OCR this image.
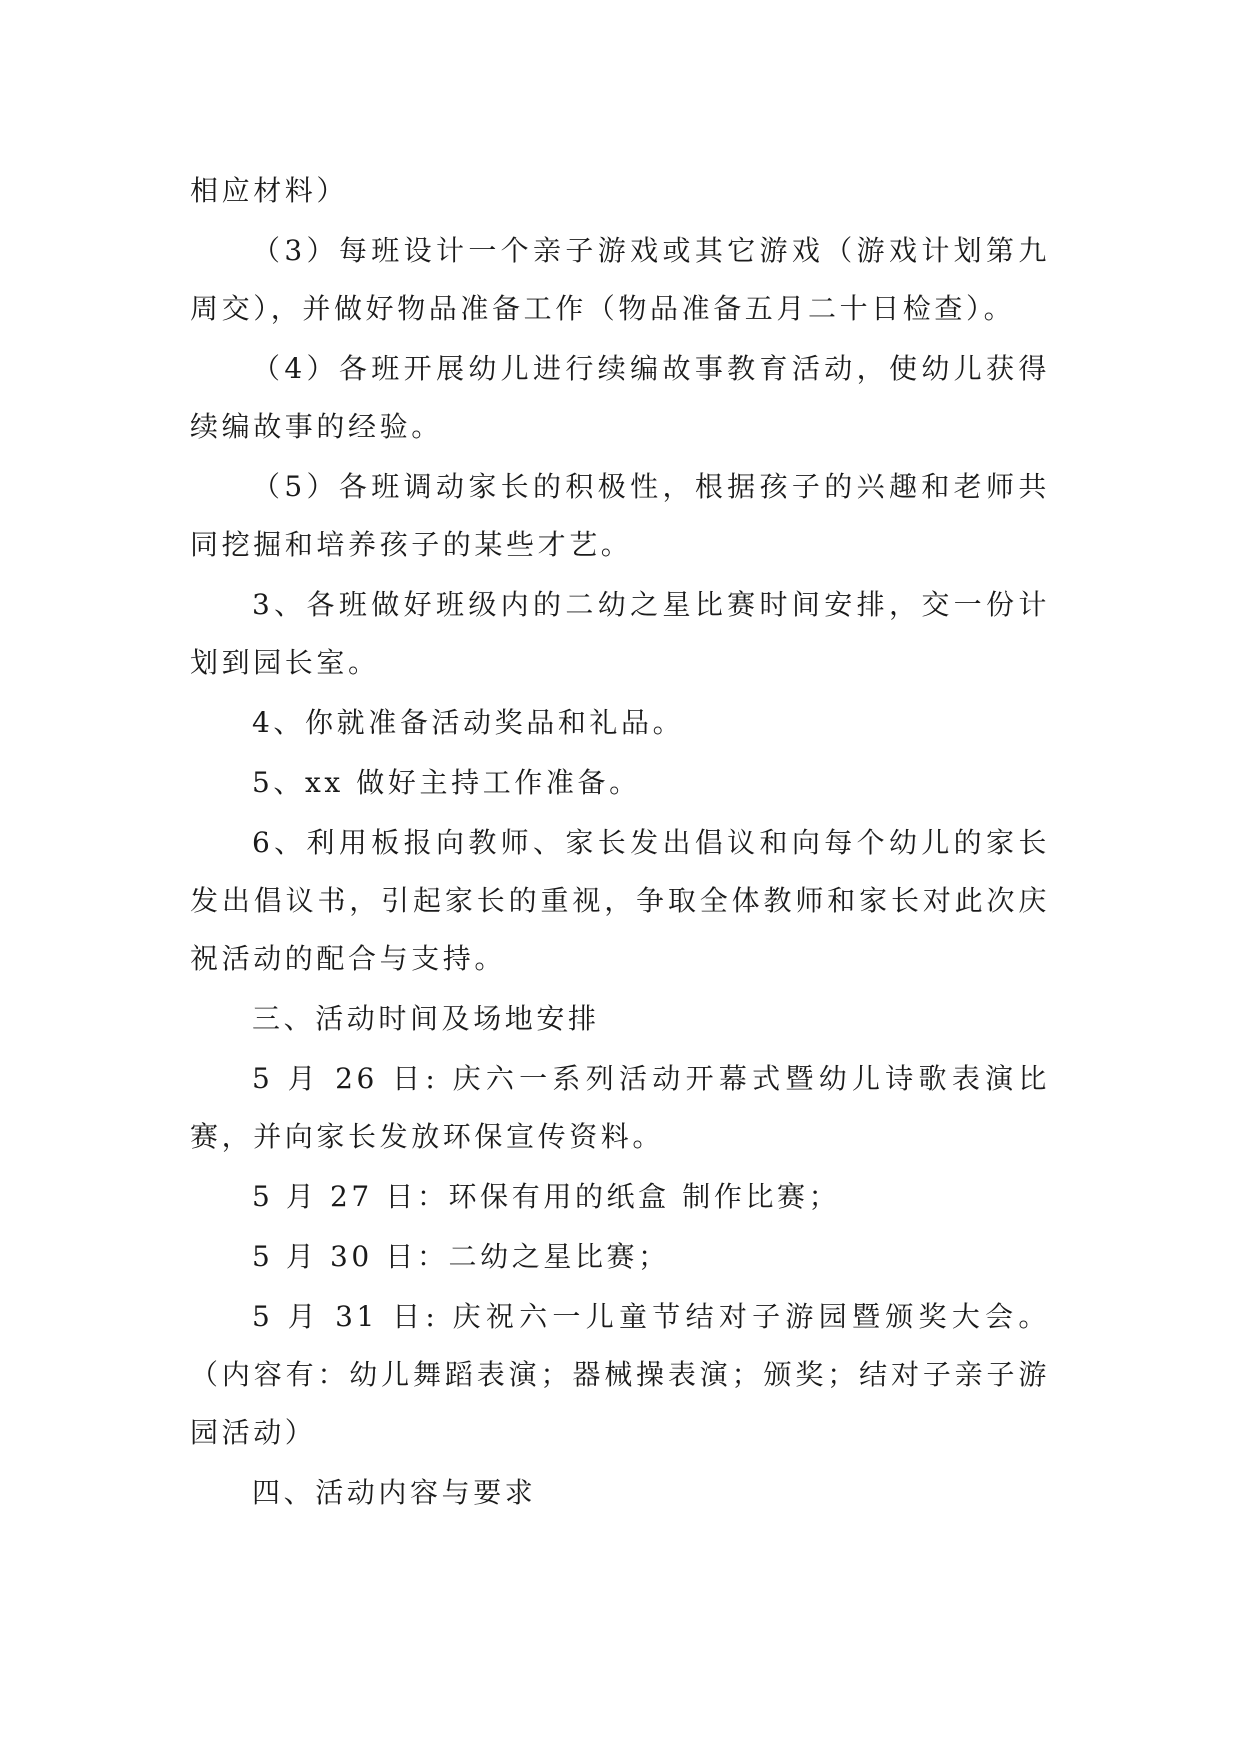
相应材料）

（3）每班设计一个亲子游戏或其它游戏（游戏计划第九周交），并做好物品准备工作（物品准备五月二十日检查）。

（4）各班开展幼儿进行续编故事教育活动，使幼儿获得续编故事的经验。

（5）各班调动家长的积极性，根据孩子的兴趣和老师共同挖掘和培养孩子的某些才艺。

3、各班做好班级内的二幼之星比赛时间安排，交一份计划到园长室。

4、你就准备活动奖品和礼品。

5、xx 做好主持工作准备。

6、利用板报向教师、家长发出倡议和向每个幼儿的家长发出倡议书，引起家长的重视，争取全体教师和家长对此次庆祝活动的配合与支持。

三、活动时间及场地安排

5 月 26 日: 庆六一系列活动开幕式暨幼儿诗歌表演比赛，并向家长发放环保宣传资料。

5 月 27 日：环保有用的纸盒 制作比赛；

5 月 30 日：二幼之星比赛；

5 月 31 日: 庆祝六一儿童节结对子游园暨颁奖大会。（内容有：幼儿舞蹈表演；器械操表演；颁奖；结对子亲子游园活动）

四、活动内容与要求
